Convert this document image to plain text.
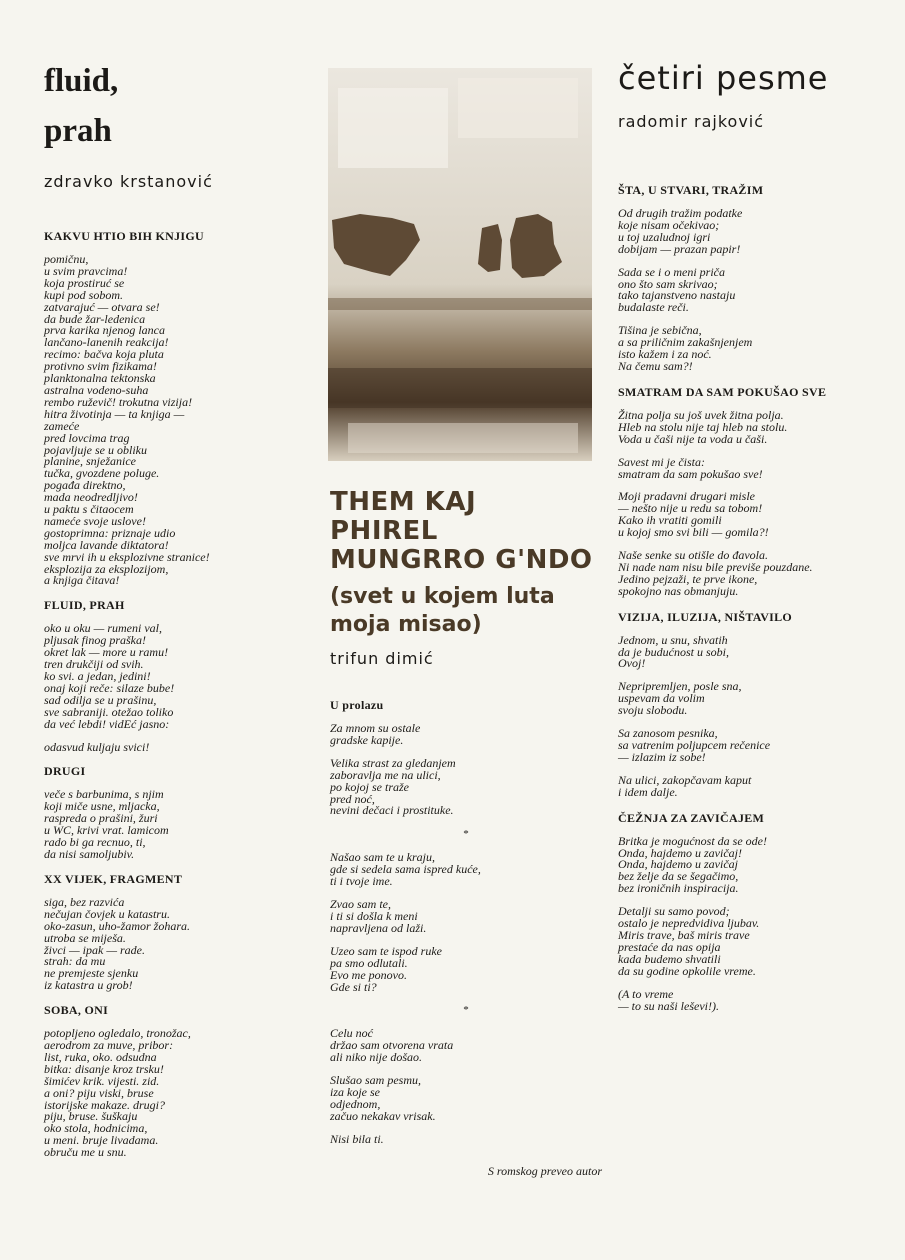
fluid,
prah

zdravko krstanović

KAKVU HTIO BIH KNJIGU

pomičnu,
u svim pravcima!
koja prostiruć se
kupi pod sobom.
zatvarajuć — otvara se!
da bude žar-ledenica
prva karika njenog lanca
lančano-lanenih reakcija!
recimo: bačva koja pluta
protivno svim fizikama!
planktonalna tektonska
astralna vodeno-suha
rembo ruževič! trokutna vizija!
hitra životinja — ta knjiga —
zameće
pred lovcima trag
pojavljuje se u obliku
planine, snježanice
tučka, gvozdene poluge.
pogađa direktno,
mada neodredljivo!
u paktu s čitaocem
nameće svoje uslove!
gostoprimna: priznaje udio
molјca lavande diktatora!
sve mrvi ih u eksplozivne stranice!
eksplozija za eksplozijom,
a knjiga čitava!

FLUID, PRAH

oko u oku — rumeni val,
pljusak finog praška!
okret lak — more u ramu!
tren drukčiji od svih.
ko svi. a jedan, jedini!
onaj koji reče: silaze bube!
sad odilja se u prašinu,
sve sabraniji. otežao toliko
da već lebdi! vidEć jasno:
odasvud kuljaju svici!

DRUGI

veče s barbunima, s njim
koji miče usne, mljacka,
raspreda o prašini, žuri
u WC, krivi vrat. lamicom
rado bi ga recnuo, ti,
da nisi samoljubiv.

XX VIJEK, FRAGMENT

siga, bez razvića
nečujan čovjek u katastru.
oko-zasun, uho-žamor žohara.
utroba se miješa.
živci — ipak — rade.
strah: da mu
ne premjeste sjenku
iz katastra u grob!

SOBA, ONI

potopljeno ogledalo, tronožac,
aerodrom za muve, pribor:
list, ruka, oko. odsudna
bitka: disanje kroz trsku!
šimićev krik. vijesti. zid.
a oni? piju viski, bruse
istorijske makaze. drugi?
piju, bruse. šuškaju
oko stola, hodnicima,
u meni. bruje livadama.
obruču me u snu.
THEM KAJ
PHIREL
MUNGRRO G'NDO
(svet u kojem luta
moja misao)

trifun dimić

U prolazu

Za mnom su ostale
gradske kapije.
Velika strast za gledanjem
zaboravlja me na ulici,
po kojoj se traže
pred noć,
nevini dečaci i prostituke.
*
Našao sam te u kraju,
gde si sedela sama ispred kuće,
ti i tvoje ime.
Zvao sam te,
i ti si došla k meni
napravljena od laži.
Uzeo sam te ispod ruke
pa smo odlutali.
Evo me ponovo.
Gde si ti?
*
Celu noć
držao sam otvorena vrata
ali niko nije došao.
Slušao sam pesmu,
iza koje se
odjednom,
začuo nekakav vrisak.
Nisi bila ti.
S romskog preveo autor
četiri pesme

radomir rajković

ŠTA, U STVARI, TRAŽIM

Od drugih tražim podatke
koje nisam očekivao;
u toj uzaludnoj igri
dobijam — prazan papir!
Sada se i o meni priča
ono što sam skrivao;
tako tajanstveno nastaju
budalaste reči.
Tišina je sebična,
a sa priličnim zakašnjenjem
isto kažem i za noć.
Na čemu sam?!

SMATRAM DA SAM POKUŠAO SVE

Žitna polja su još uvek žitna polja.
Hleb na stolu nije taj hleb na stolu.
Voda u čaši nije ta voda u čaši.
Savest mi je čista:
smatram da sam pokušao sve!
Moji pradavni drugari misle
— nešto nije u redu sa tobom!
Kako ih vratiti gomili
u kojoj smo svi bili — gomila?!
Naše senke su otišle do đavola.
Ni nade nam nisu bile previše pouzdane.
Jedino pejzaži, te prve ikone,
spokojno nas obmanjuju.

VIZIJA, ILUZIJA, NIŠTAVILO

Jednom, u snu, shvatih
da je budućnost u sobi,
Ovoj!
Nepripremljen, posle sna,
uspevam da volim
svoju slobodu.
Sa zanosom pesnika,
sa vatrenim poljupcem rečenice
— izlazim iz sobe!
Na ulici, zakopčavam kaput
i idem dalje.

ČEŽNJA ZA ZAVIČAJEM

Britka je mogućnost da se ode!
Onda, hajdemo u zavičaj!
Onda, hajdemo u zavičaj
bez želje da se šegačimo,
bez ironičnih inspiracija.
Detalji su samo povod;
ostalo je nepredvidiva ljubav.
Miris trave, baš miris trave
prestaće da nas opija
kada budemo shvatili
da su godine opkolile vreme.
(A to vreme
— to su naši leševi!).
